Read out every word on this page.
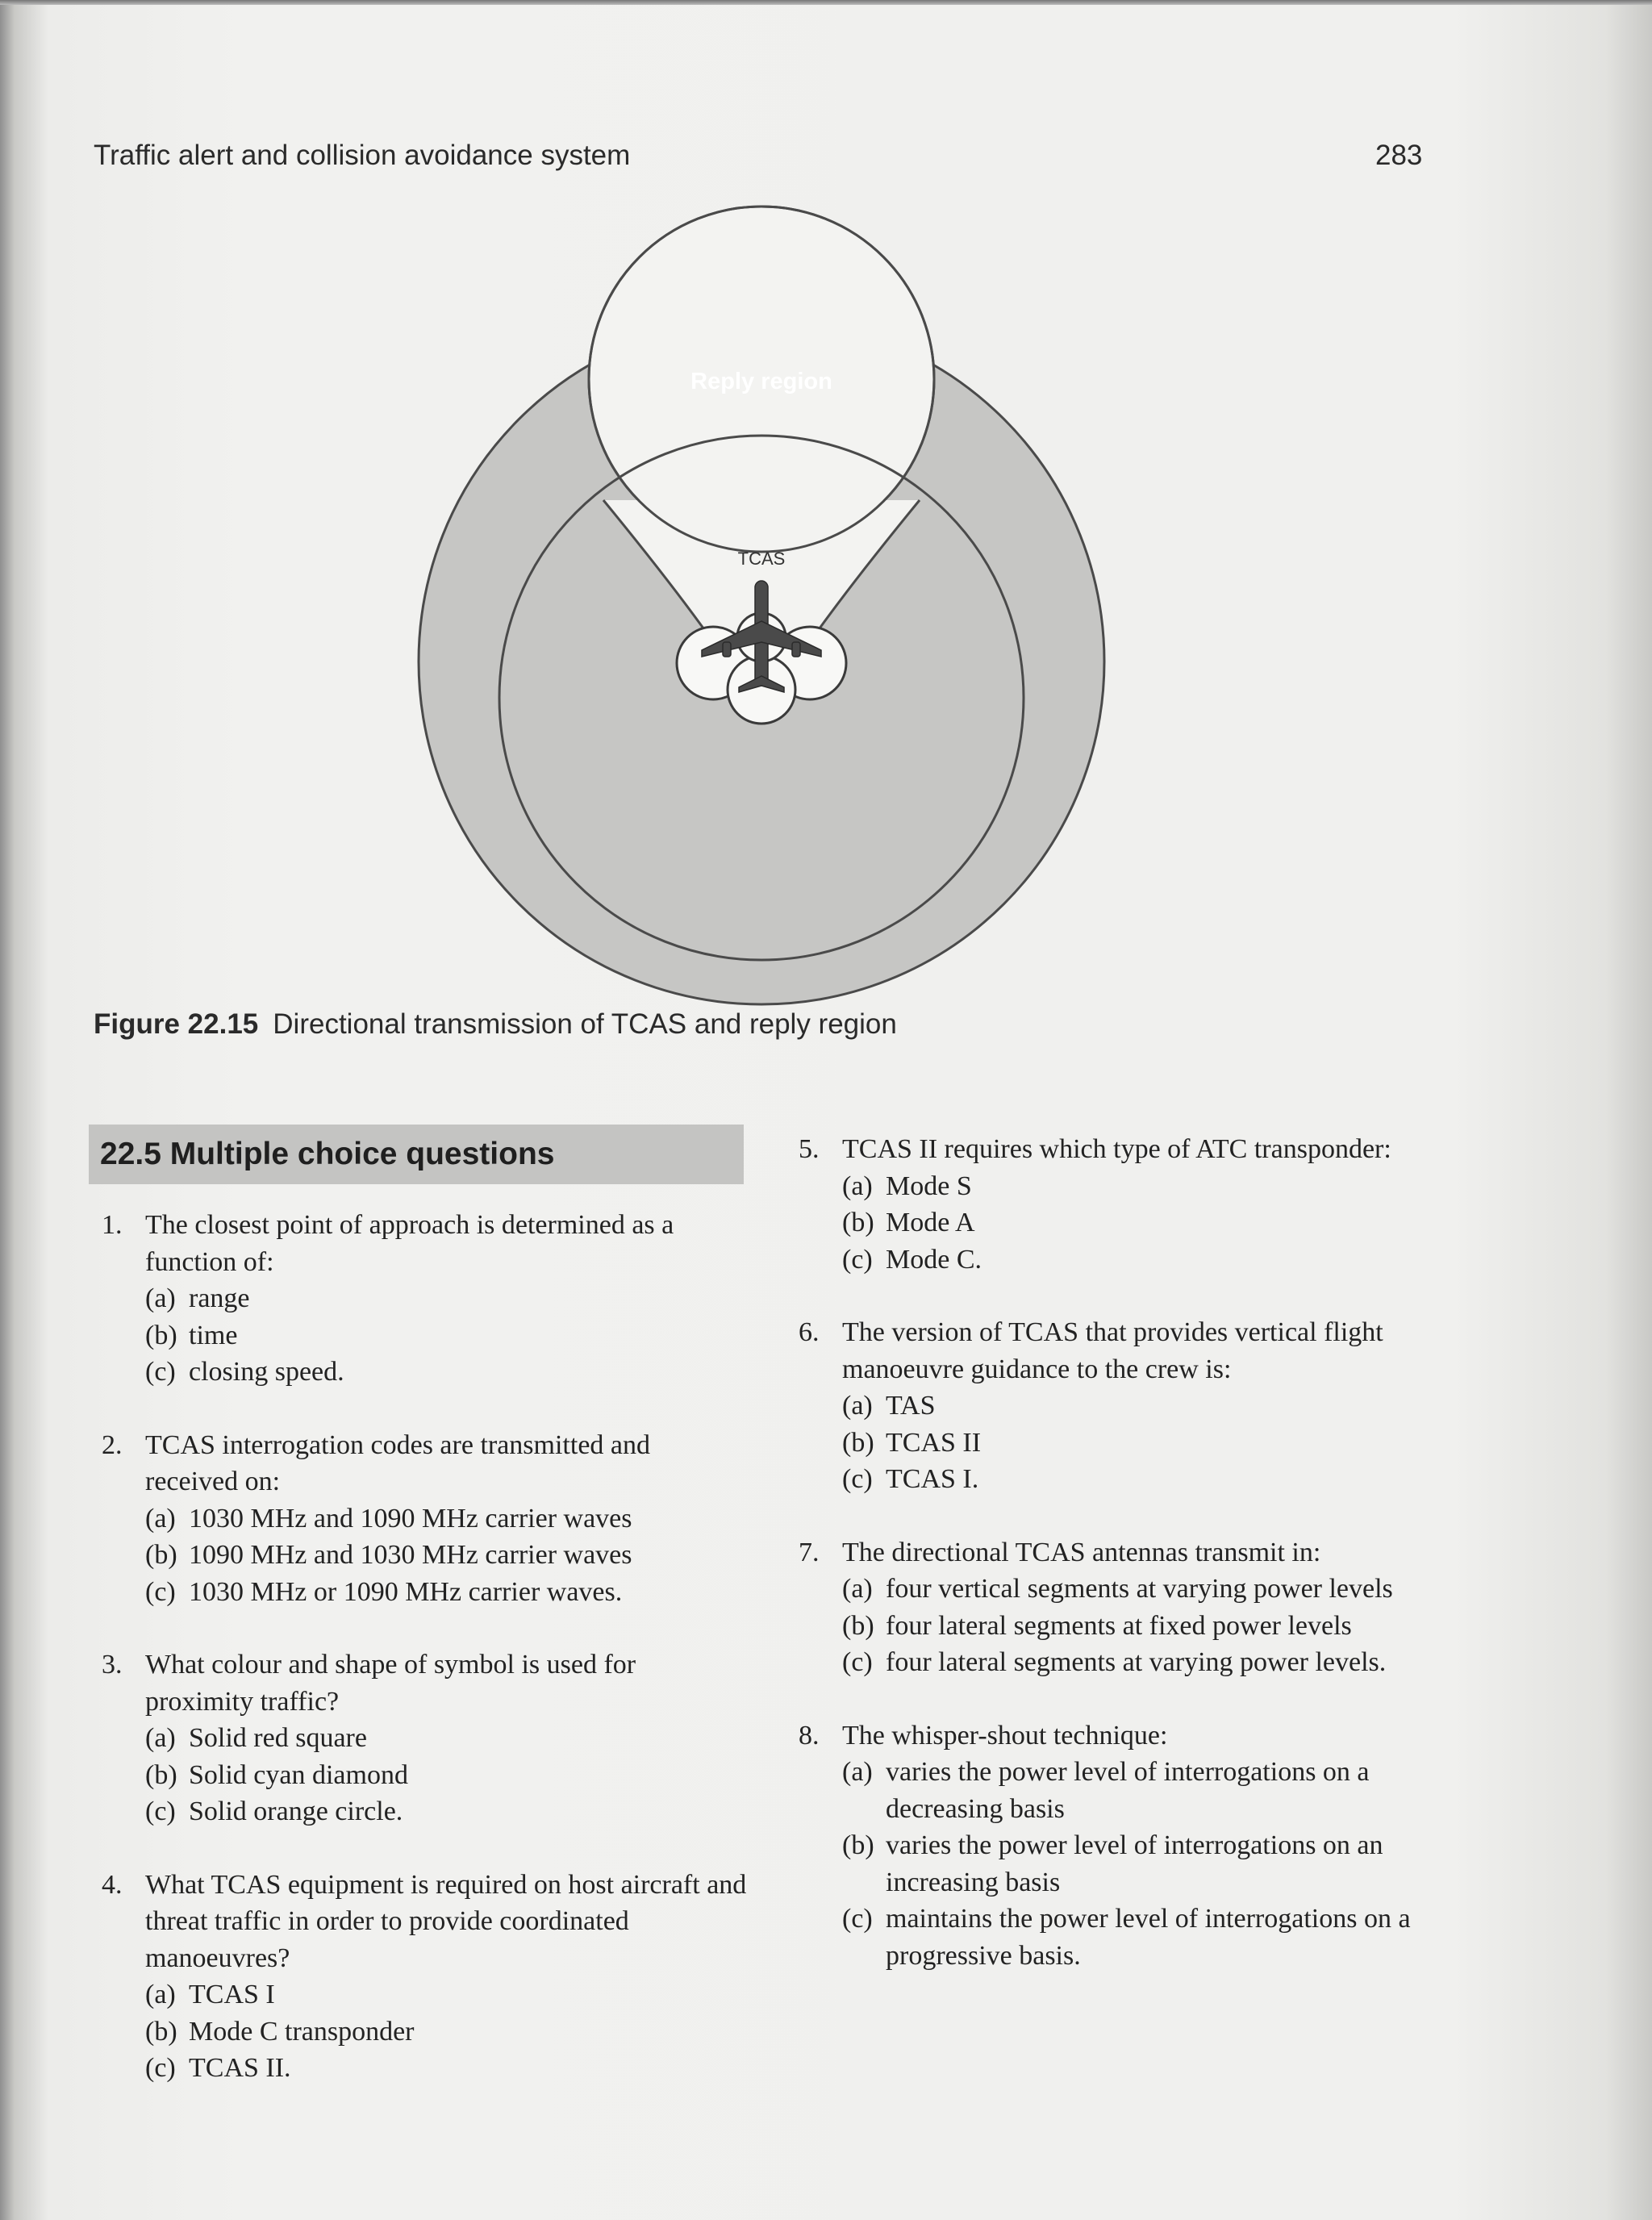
Traffic alert and collision avoidance system	283
Reply region
TCAS
Figure 22.15 Directional transmission of TCAS and reply region
22.5 Multiple choice questions
1. The closest point of approach is determined as a function of:
(a) range
(b) time
(c) closing speed.
2. TCAS interrogation codes are transmitted and received on:
(a) 1030 MHz and 1090 MHz carrier waves
(b) 1090 MHz and 1030 MHz carrier waves
(c) 1030 MHz or 1090 MHz carrier waves.
3. What colour and shape of symbol is used for proximity traffic?
(a) Solid red square
(b) Solid cyan diamond
(c) Solid orange circle.
4. What TCAS equipment is required on host aircraft and threat traffic in order to provide coordinated manoeuvres?
(a) TCAS I
(b) Mode C transponder
(c) TCAS II.
5. TCAS II requires which type of ATC transponder:
(a) Mode S
(b) Mode A
(c) Mode C.
6. The version of TCAS that provides vertical flight manoeuvre guidance to the crew is:
(a) TAS
(b) TCAS II
(c) TCAS I.
7. The directional TCAS antennas transmit in:
(a) four vertical segments at varying power levels
(b) four lateral segments at fixed power levels
(c) four lateral segments at varying power levels.
8. The whisper-shout technique:
(a) varies the power level of interrogations on a decreasing basis
(b) varies the power level of interrogations on an increasing basis
(c) maintains the power level of interrogations on a progressive basis.
